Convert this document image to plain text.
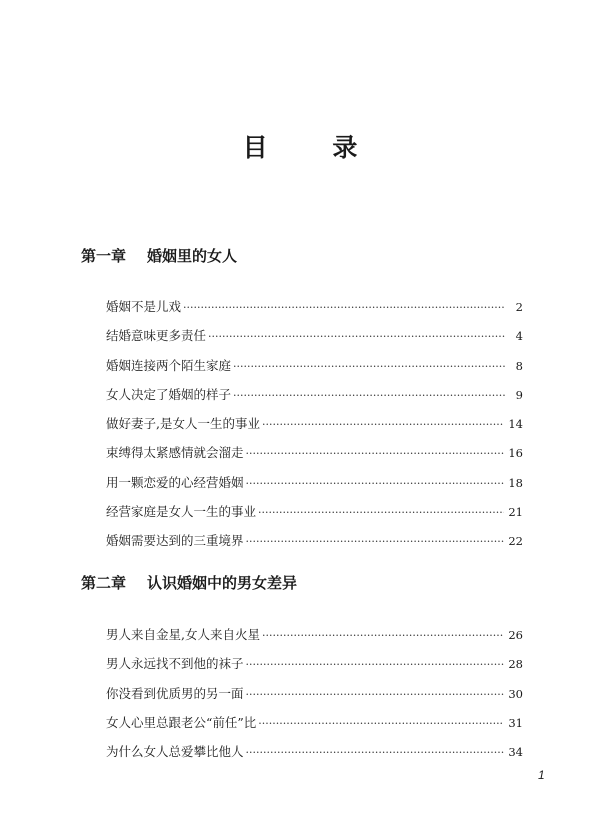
目 录
第一章 婚姻里的女人
婚姻不是儿戏 ·····	2
结婚意味更多责任 ·····	4
婚姻连接两个陌生家庭 ·····	8
女人决定了婚姻的样子 ·····	9
做好妻子,是女人一生的事业 ·····	14
束缚得太紧感情就会溜走 ·····	16
用一颗恋爱的心经营婚姻 ·····	18
经营家庭是女人一生的事业 ·····	21
婚姻需要达到的三重境界 ·····	22
第二章 认识婚姻中的男女差异
男人来自金星,女人来自火星 ·····	26
男人永远找不到他的袜子 ·····	28
你没看到优质男的另一面 ·····	30
女人心里总跟老公“前任”比 ·····	31
为什么女人总爱攀比他人 ·····	34
1
